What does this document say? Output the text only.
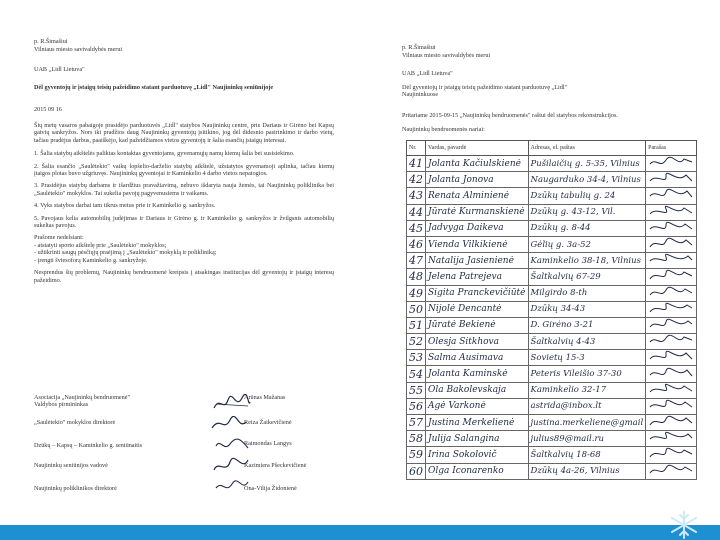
p. R.Šimašiui

Vilniaus miesto savivaldybės merui

UAB „Lidl Lietuva"

Dėl gyventojų ir įstaigų teisių pažeidimo statant parduotuvę „Lidl" Naujininkų seniūnijoje

2015 09 16

Šių metų vasaros pabaigoje prasidėjo parduotuvės „Lidl" statybos Naujininkų centre, prie Dariaus ir Girėno bei Kapsų gatvių sankryžos. Nors iki pradžios daug Naujininkų gyventojų įsitikino, jog dėl didesnio pasirinkimo ir darbo vietų, tačiau pradėjus darbus, paaiškėjo, kad pažeidžiamos vietos gyventojų ir šalia esančių įstaigų interesai.

1. Šalia statybų aikštelės paliktas kontaktas gyventojams, gyvenamųjų namų kiemų šalia bei susisiekimo.

2. Šalia esančio „Saulėtekio" vaikų lopšelio-darželio statybų aikštelė, užstatytos gyvenamoji aplinka, tačiau kiemų įtaigos plotas buvo užgriuvęs. Naujininkų gyventojai ir Kaminkelio 4 darbo vietos nepatogios.

3. Prasidėjus statybų darbams ir išardžius pravažiavimą, nebuvo išdaryta nauja žemės, tai Naujininkų poliklinika bei „Saulėtekio" mokyklos. Tai sukelia pavojų pagyvenusiems ir vaikams.

4. Vyks statybos darbai tam tikrus metus prie ir Kaminkelio g. sankryžos.

5. Pavojaus kelia automobilių judėjimas ir Dariaus ir Girėno g. ir Kaminkelio g. sankryžos ir žvilgsnis automobilių sukeltas pavojus.

Prašome nedelsiant:

- atstatyti sporto aikštelę prie „Saulėtekio" mokyklos;

- užtikrinti saugų pėsčiųjų praėjimą į „Saulėtekio" mokyklą ir polikliniką;

- įrengti šviesoforą Kaminkelio g. sankryžoje.

Nesprendus šių problemų, Naujininkų bendruomenė kreipsis į atsakingas institucijas dėl gyventojų ir įstaigų interesų pažeidimo.

Asociacija „Naujininkų bendruomenė" Valdybos pirmininkas

Arūnas Mažanas

„Saulėtekio" mokyklos direktorė	Reiza Žaikevičienė

Dzūkų – Kapsų – Kaminkelio g. seniūnaitis	Raimondas Langys

Naujininkų seniūnijos vadovė	Kazimiera Pšeckevičienė

Naujininkų poliklinikos direktorė	Ona-Vilija Židonienė

p. R.Šimašiui

Vilniaus miesto savivaldybės merui

UAB „Lidl Lietuva"

Dėl gyventojų ir įstaigų teisių pažeidimo statant parduotuvę „Lidl" Naujininkuose

Pritariame 2015-09-15 „Naujininkų bendruomenės" raštui dėl statybos rekonstrukcijos.

Naujininkų bendruomenės nariai:

Nr.	Vardas, pavardė	Adresas, el. paštas	Parašas
41	Jolanta Kačiulskienė	Pušilaičių g. 5-35, Vilnius	
42	Jolanta Jonova	Naugarduko 34-4, Vilnius	
43	Renata Alminienė	Dzūkų tabulių g. 24	
44	Jūratė Kurmanskienė	Dzūkų g. 43-12, Vil.	
45	Jadvyga Daikeva	Dzūkų g. 8-44	
46	Vienda Vilkikienė	Gėlių g. 3a-52	
47	Natalija Jasienienė	Kaminkelio 38-18, Vilnius	
48	Jelena Patrejeva	Šaltkalvių 67-29	
49	Sigita Pranckevičiūtė	Milgirdo 8-th	
50	Nijolė Dencantė	Dzūkų 34-43	
51	Jūratė Bekienė	D. Girėno 3-21	
52	Olesja Sitkhova	Šaltkalvių 4-43	
53	Salma Ausimava	Sovietų 15-3	
54	Jolanta Kaminskė	Peteris Vileišio 37-30	
55	Ola Bakolevskaja	Kaminkelio 32-17	
56	Agė Varkonė	astrida@inbox.lt	
57	Justina Merkelienė	justina.merkeliene@gmail	
58	Julija Salangina	julius89@mail.ru	
59	Irina Sokolovič	Šaltkalvių 18-68	
60	Olga Iconarenko	Dzūkų 4a-26, Vilnius	
